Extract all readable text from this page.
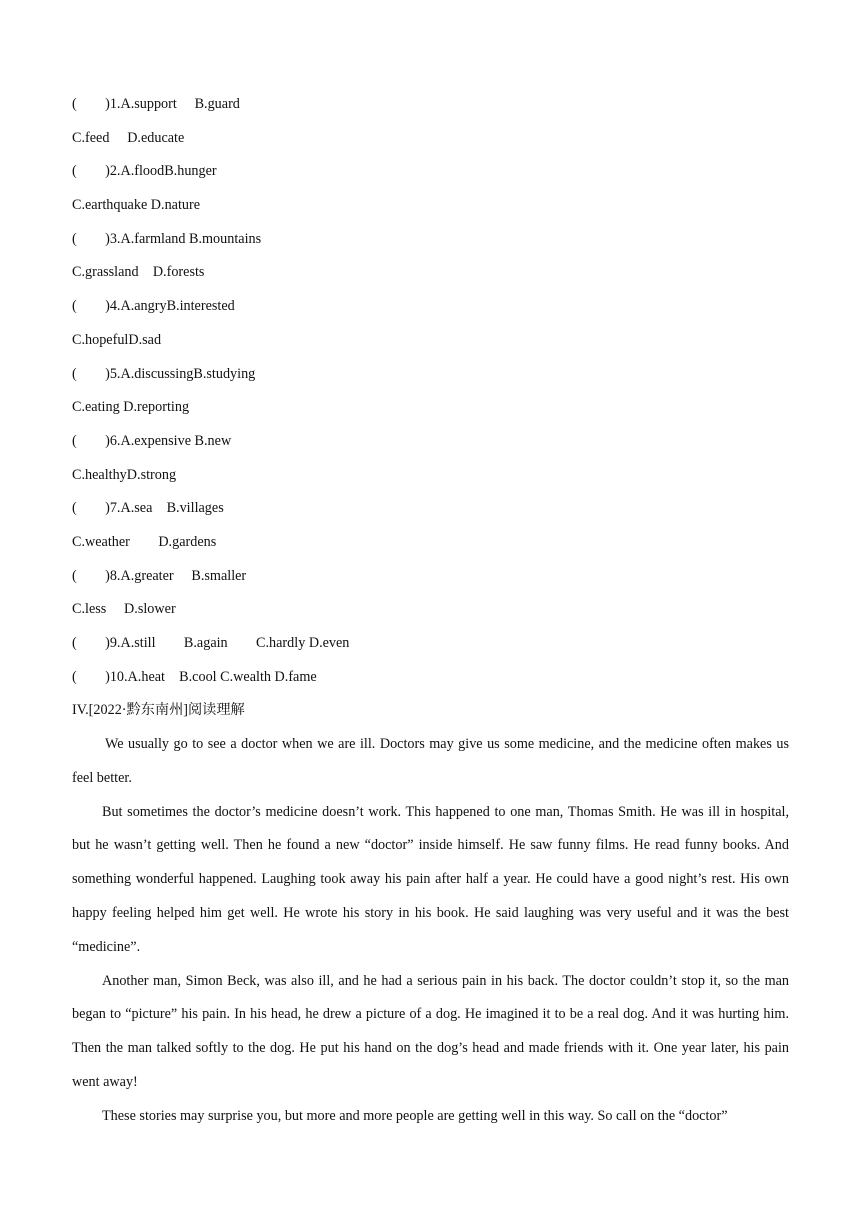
(　　)1.A.support　 B.guard
C.feed　 D.educate
(　　)2.A.floodB.hunger
C.earthquake D.nature
(　　)3.A.farmland B.mountains
C.grassland　 D.forests
(　　)4.A.angryB.interested
C.hopefulD.sad
(　　)5.A.discussingB.studying
C.eating D.reporting
(　　)6.A.expensive B.new
C.healthyD.strong
(　　)7.A.sea　 B.villages
C.weather　　 D.gardens
(　　)8.A.greater　 B.smaller
C.less　 D.slower
(　　)9.A.still　　B.again　　C.hardly D.even
(　　)10.A.heat　B.cool C.wealth D.fame
IV.[2022·黔东南州]阅读理解

We usually go to see a doctor when we are ill. Doctors may give us some medicine, and the medicine often makes us feel better.

But sometimes the doctor’s medicine doesn’t work. This happened to one man, Thomas Smith. He was ill in hospital, but he wasn’t getting well. Then he found a new “doctor” inside himself. He saw funny films. He read funny books. And something wonderful happened. Laughing took away his pain after half a year. He could have a good night’s rest. His own happy feeling helped him get well. He wrote his story in his book. He said laughing was very useful and it was the best “medicine”.

Another man, Simon Beck, was also ill, and he had a serious pain in his back. The doctor couldn’t stop it, so the man began to “picture” his pain. In his head, he drew a picture of a dog. He imagined it to be a real dog. And it was hurting him. Then the man talked softly to the dog. He put his hand on the dog’s head and made friends with it. One year later, his pain went away!

These stories may surprise you, but more and more people are getting well in this way. So call on the “doctor”
